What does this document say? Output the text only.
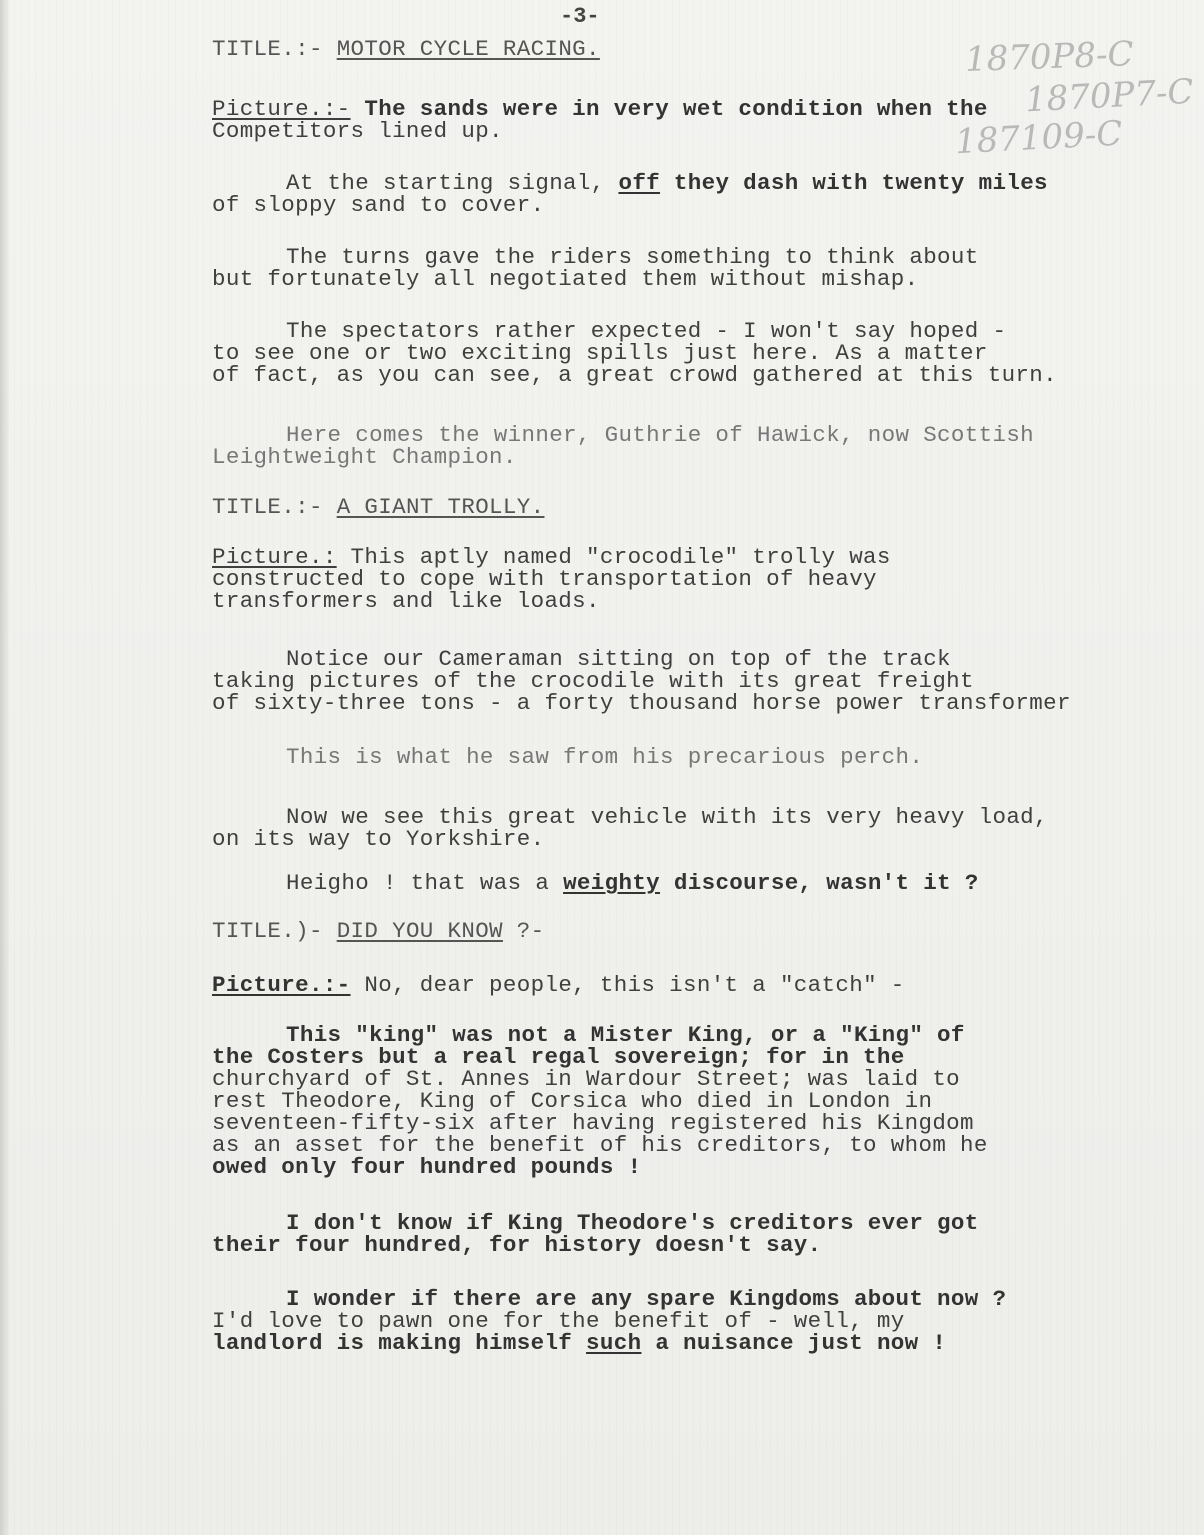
-3-

1870P8-C
1870P7-C
187109-C

TITLE.:- MOTOR CYCLE RACING.

Picture.:- The sands were in very wet condition when the

Competitors lined up.

At the starting signal, off they dash with twenty miles

of sloppy sand to cover.

The turns gave the riders something to think about

but fortunately all negotiated them without mishap.

The spectators rather expected - I won't say hoped -

to see one or two exciting spills just here. As a matter

of fact, as you can see, a great crowd gathered at this turn.

Here comes the winner, Guthrie of Hawick, now Scottish

Leightweight Champion.

TITLE.:- A GIANT TROLLY.

Picture.: This aptly named "crocodile" trolly was

constructed to cope with transportation of heavy

transformers and like loads.

Notice our Cameraman sitting on top of the track

taking pictures of the crocodile with its great freight

of sixty-three tons - a forty thousand horse power transformer

This is what he saw from his precarious perch.

Now we see this great vehicle with its very heavy load,

on its way to Yorkshire.

Heigho ! that was a weighty discourse, wasn't it ?

TITLE.)- DID YOU KNOW ?-

Picture.:- No, dear people, this isn't a "catch" -

This "king" was not a Mister King, or a "King" of

the Costers but a real regal sovereign; for in the

churchyard of St. Annes in Wardour Street; was laid to

rest Theodore, King of Corsica who died in London in

seventeen-fifty-six after having registered his Kingdom

as an asset for the benefit of his creditors, to whom he

owed only four hundred pounds !

I don't know if King Theodore's creditors ever got

their four hundred, for history doesn't say.

I wonder if there are any spare Kingdoms about now ?

I'd love to pawn one for the benefit of - well, my

landlord is making himself such a nuisance just now !
